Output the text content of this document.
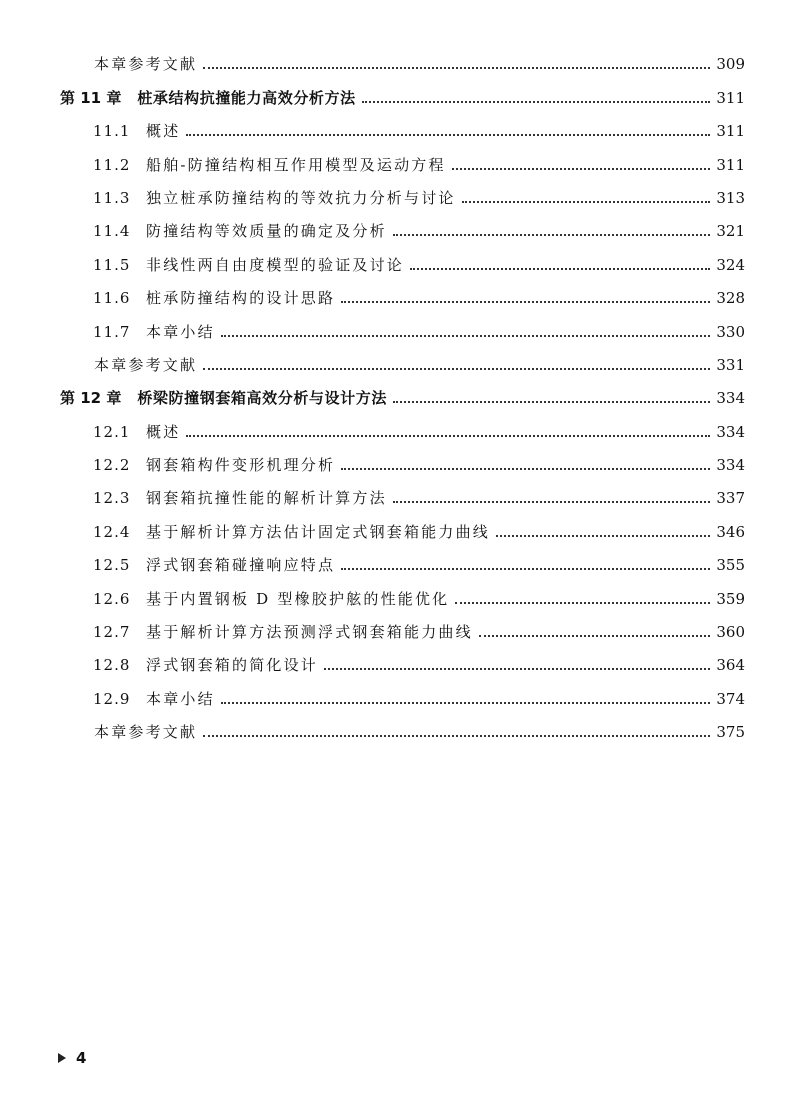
本章参考文献	309
第 11 章 桩承结构抗撞能力高效分析方法	311
11.1	概述	311
11.2	船舶-防撞结构相互作用模型及运动方程	311
11.3	独立桩承防撞结构的等效抗力分析与讨论	313
11.4	防撞结构等效质量的确定及分析	321
11.5	非线性两自由度模型的验证及讨论	324
11.6	桩承防撞结构的设计思路	328
11.7	本章小结	330
本章参考文献	331
第 12 章 桥梁防撞钢套箱高效分析与设计方法	334
12.1	概述	334
12.2	钢套箱构件变形机理分析	334
12.3	钢套箱抗撞性能的解析计算方法	337
12.4	基于解析计算方法估计固定式钢套箱能力曲线	346
12.5	浮式钢套箱碰撞响应特点	355
12.6	基于内置钢板 D 型橡胶护舷的性能优化	359
12.7	基于解析计算方法预测浮式钢套箱能力曲线	360
12.8	浮式钢套箱的简化设计	364
12.9	本章小结	374
本章参考文献	375
4
